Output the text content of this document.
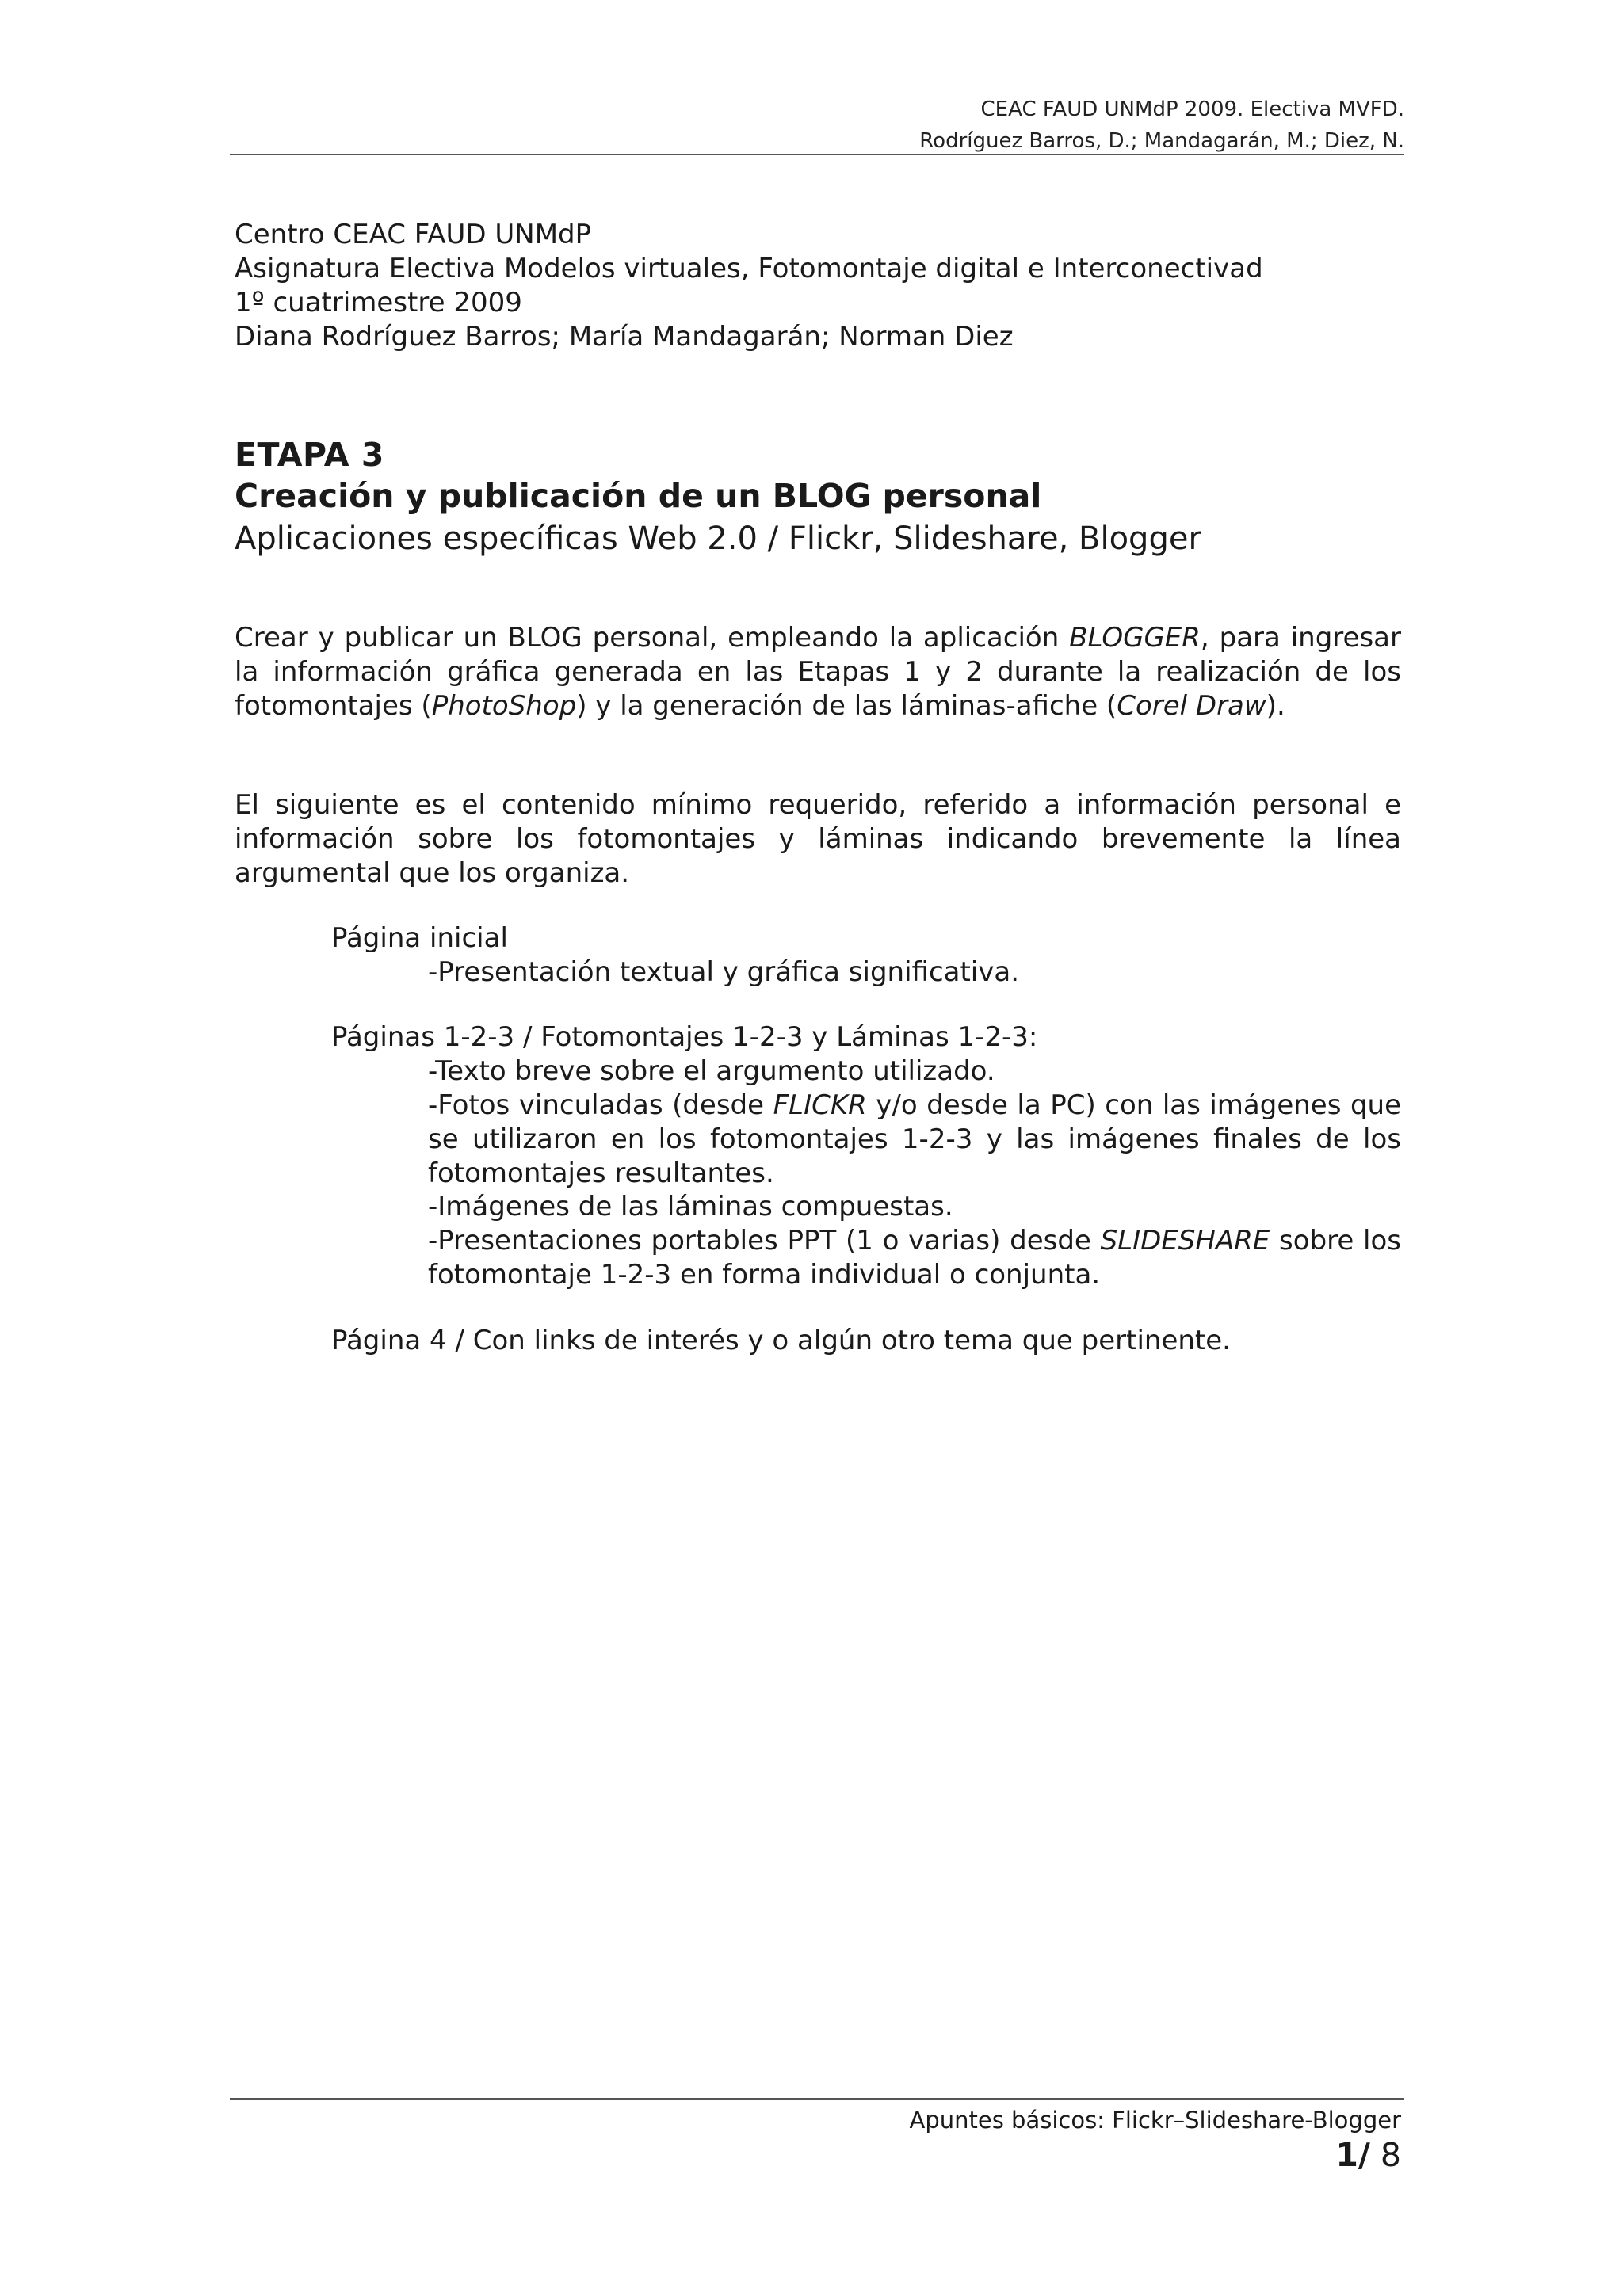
CEAC FAUD UNMdP 2009. Electiva MVFD.
Rodríguez Barros, D.; Mandagarán, M.; Diez, N.
Centro CEAC FAUD UNMdP
Asignatura Electiva Modelos virtuales, Fotomontaje digital e Interconectivad
1º cuatrimestre 2009
Diana Rodríguez Barros; María Mandagarán; Norman Diez
ETAPA 3
Creación y publicación de un BLOG personal
Aplicaciones específicas Web 2.0 / Flickr, Slideshare, Blogger
Crear y publicar un BLOG personal, empleando la aplicación BLOGGER, para ingresar la información gráfica generada en las Etapas 1 y 2 durante la realización de los fotomontajes (PhotoShop) y la generación de las láminas-afiche (Corel Draw).
El siguiente es el contenido mínimo requerido, referido a información personal e información sobre los fotomontajes y láminas indicando brevemente la línea argumental que los organiza.
Página inicial
-Presentación textual y gráfica significativa.
Páginas 1-2-3 / Fotomontajes 1-2-3 y Láminas 1-2-3:
-Texto breve sobre el argumento utilizado.
-Fotos vinculadas (desde FLICKR y/o desde la PC) con las imágenes que se utilizaron en los fotomontajes 1-2-3 y las imágenes finales de los fotomontajes resultantes.
-Imágenes de las láminas compuestas.
-Presentaciones portables PPT (1 o varias) desde SLIDESHARE sobre los fotomontaje 1-2-3 en forma individual o conjunta.
Página 4 / Con links de interés y o algún otro tema que pertinente.
Apuntes básicos: Flickr–Slideshare-Blogger
1/ 8
